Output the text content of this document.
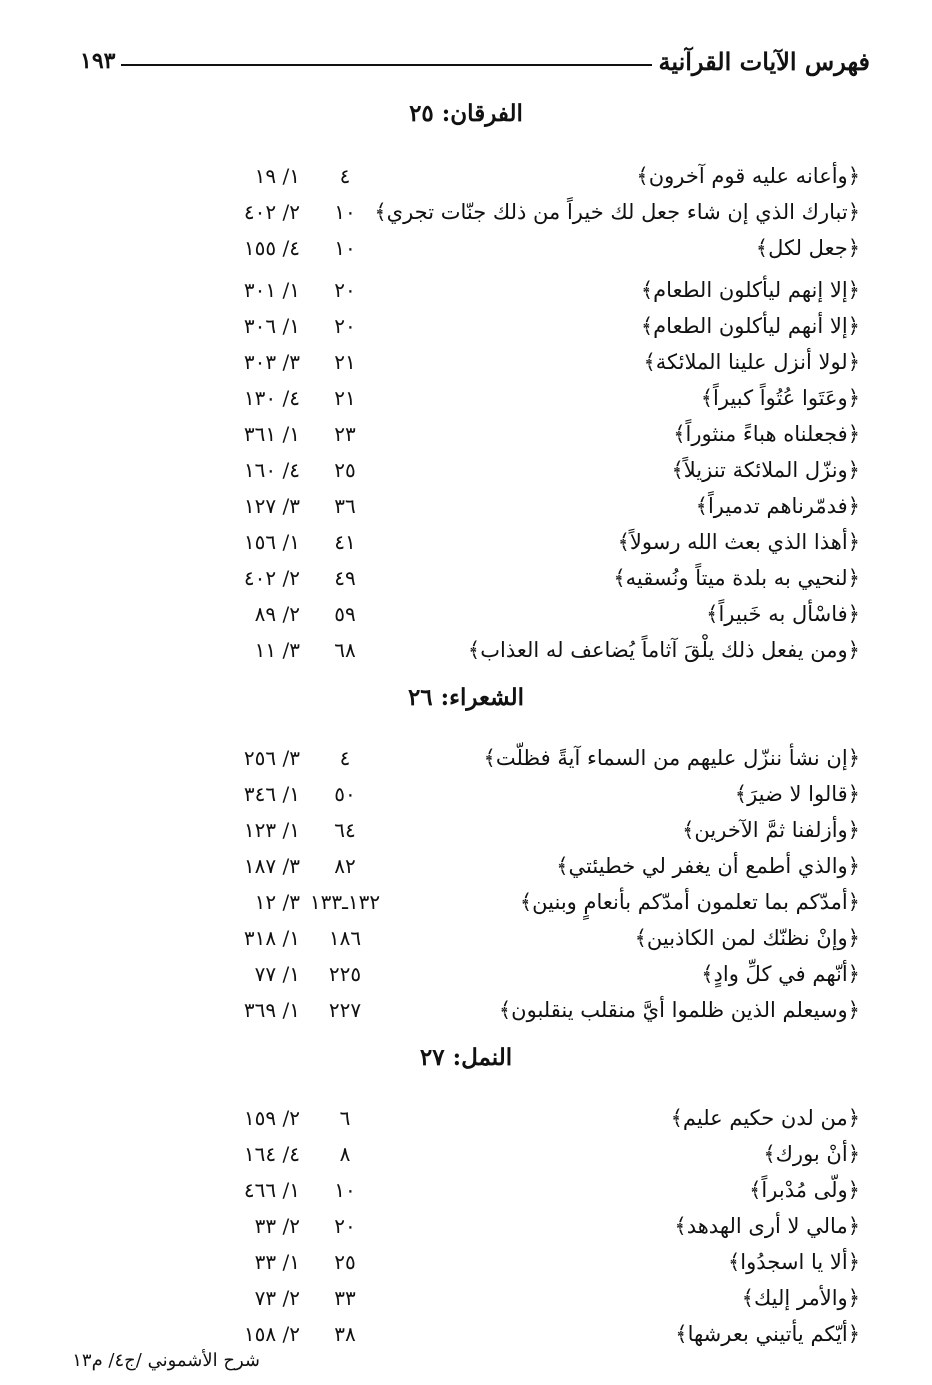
فهرس الآيات القرآنية
١٩٣
الفرقان: ٢٥
﴿وأعانه عليه قوم آخرون﴾
٤
١/ ١٩
﴿تبارك الذي إن شاء جعل لك خيراً من ذلك جنّات تجري﴾
١٠
٢/ ٤٠٢
﴿جعل لكل﴾
١٠
٤/ ١٥٥
﴿إلا إنهم ليأكلون الطعام﴾
٢٠
١/ ٣٠١
﴿إلا أنهم ليأكلون الطعام﴾
٢٠
١/ ٣٠٦
﴿لولا أنزل علينا الملائكة﴾
٢١
٣/ ٣٠٣
﴿وعَتَوا عُتُواً كبيراً﴾
٢١
٤/ ١٣٠
﴿فجعلناه هباءً منثوراً﴾
٢٣
١/ ٣٦١
﴿ونزّل الملائكة تنزيلاً﴾
٢٥
٤/ ١٦٠
﴿فدمّرناهم تدميراً﴾
٣٦
٣/ ١٢٧
﴿أهذا الذي بعث الله رسولاً﴾
٤١
١/ ١٥٦
﴿لنحيي به بلدة ميتاً ونُسقيه﴾
٤٩
٢/ ٤٠٢
﴿فاسْأل به خَبيراً﴾
٥٩
٢/ ٨٩
﴿ومن يفعل ذلك يلْقَ آثاماً يُضاعف له العذاب﴾
٦٨
٣/ ١١
الشعراء: ٢٦
﴿إن نشأ ننزّل عليهم من السماء آيةً فظلّت﴾
٤
٣/ ٢٥٦
﴿قالوا لا ضيرَ﴾
٥٠
١/ ٣٤٦
﴿وأزلفنا ثمَّ الآخرين﴾
٦٤
١/ ١٢٣
﴿والذي أطمع أن يغفر لي خطيئتي﴾
٨٢
٣/ ١٨٧
﴿أمدّكم بما تعلمون أمدّكم بأنعامٍ وبنين﴾
١٣٢ـ١٣٣
٣/ ١٢
﴿وإنْ نظنّك لمن الكاذبين﴾
١٨٦
١/ ٣١٨
﴿أنّهم في كلِّ وادٍ﴾
٢٢٥
١/ ٧٧
﴿وسيعلم الذين ظلموا أيَّ منقلب ينقلبون﴾
٢٢٧
١/ ٣٦٩
النمل: ٢٧
﴿من لدن حكيم عليم﴾
٦
٢/ ١٥٩
﴿أنْ بورك﴾
٨
٤/ ١٦٤
﴿ولّى مُدْبراً﴾
١٠
١/ ٤٦٦
﴿مالي لا أرى الهدهد﴾
٢٠
٢/ ٣٣
﴿ألا يا اسجدُوا﴾
٢٥
١/ ٣٣
﴿والأمر إليك﴾
٣٣
٢/ ٧٣
﴿أيّكم يأتيني بعرشها﴾
٣٨
٢/ ١٥٨
شرح الأشموني /ج٤/ م١٣
